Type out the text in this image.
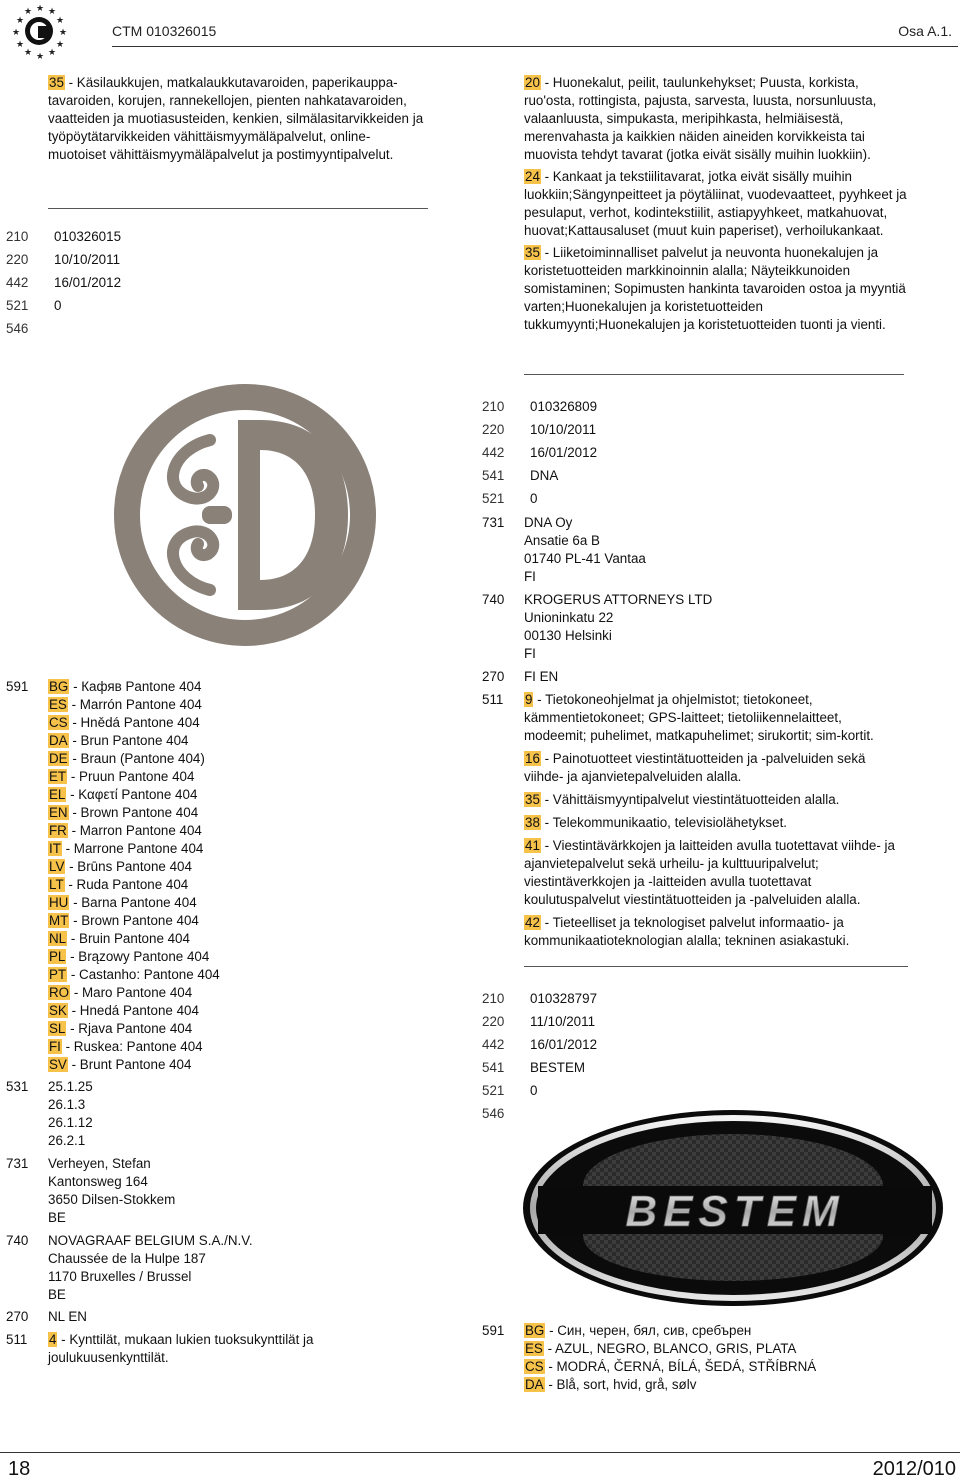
★ ★
★
★
★
★
★
★
★
★
★
★
CTM 010326015	Osa A.1.
35 - Käsilaukkujen, matkalaukkutavaroiden, paperikauppa-tavaroiden, korujen, rannekellojen, pienten nahkatavaroiden, vaatteiden ja muotiasusteiden, kenkien, silmälasitarvikkeiden ja työpöytätarvikkeiden vähittäismyymäläpalvelut, online-muotoiset vähittäismyymäläpalvelut ja postimyyntipalvelut.
210	010326015
220	10/10/2011
442	16/01/2012
521	0
546
20 - Huonekalut, peilit, taulunkehykset; Puusta, korkista, ruo'osta, rottingista, pajusta, sarvesta, luusta, norsunluusta, valaanluusta, simpukasta, meripihkasta, helmiäisestä, merenvahasta ja kaikkien näiden aineiden korvikkeista tai muovista tehdyt tavarat (jotka eivät sisälly muihin luokkiin).
24 - Kankaat ja tekstiilitavarat, jotka eivät sisälly muihin luokkiin;Sängynpeitteet ja pöytäliinat, vuodevaatteet, pyyhkeet ja pesulaput, verhot, kodintekstiilit, astiapyyhkeet, matkahuovat, huovat;Kattausaluset (muut kuin paperiset), verhoilukankaat.
35 - Liiketoiminnalliset palvelut ja neuvonta huonekalujen ja koristetuotteiden markkinoinnin alalla; Näyteikkunoiden somistaminen; Sopimusten hankinta tavaroiden ostoa ja myyntiä varten;Huonekalujen ja koristetuotteiden tukkumyynti;Huonekalujen ja koristetuotteiden tuonti ja vienti.
591	BG - Кафяв Pantone 404
ES - Marrón Pantone 404
CS - Hnědá Pantone 404
DA - Brun Pantone 404
DE - Braun (Pantone 404)
ET - Pruun Pantone 404
EL - Καφετί Pantone 404
EN - Brown Pantone 404
FR - Marron Pantone 404
IT - Marrone Pantone 404
LV - Brūns Pantone 404
LT - Ruda Pantone 404
HU - Barna Pantone 404
MT - Brown Pantone 404
NL - Bruin Pantone 404
PL - Brązowy Pantone 404
PT - Castanho: Pantone 404
RO - Maro Pantone 404
SK - Hnedá Pantone 404
SL - Rjava Pantone 404
FI - Ruskea: Pantone 404
SV - Brunt Pantone 404
531 25.1.25
26.1.3
26.1.12
26.2.1
731 Verheyen, Stefan
Kantonsweg 164
3650 Dilsen-Stokkem
BE
740 NOVAGRAAF BELGIUM S.A./N.V.
Chaussée de la Hulpe 187
1170 Bruxelles / Brussel
BE
270 NL EN
511 4 - Kynttilät, mukaan lukien tuoksukynttilät ja joulukuusenkynttilät.
210	010326809
220	10/10/2011
442	16/01/2012
541	DNA
521	0
731 DNA Oy
Ansatie 6a B
01740 PL-41 Vantaa
FI
740 KROGERUS ATTORNEYS LTD
Unioninkatu 22
00130 Helsinki
FI
270 FI EN
511 9 - Tietokoneohjelmat ja ohjelmistot; tietokoneet, kämmentietokoneet; GPS-laitteet; tietoliikennelaitteet, modeemit; puhelimet, matkapuhelimet; sirukortit; sim-kortit.
16 - Painotuotteet viestintätuotteiden ja -palveluiden sekä viihde- ja ajanvietepalveluiden alalla.
35 - Vähittäismyyntipalvelut viestintätuotteiden alalla.
38 - Telekommunikaatio, televisiolähetykset.
41 - Viestintävärkkojen ja laitteiden avulla tuotettavat viihde- ja ajanvietepalvelut sekä urheilu- ja kulttuuripalvelut; viestintäverkkojen ja -laitteiden avulla tuotettavat koulutuspalvelut viestintätuotteiden ja -palveluiden alalla.
42 - Tieteelliset ja teknologiset palvelut informaatio- ja kommunikaatioteknologian alalla; tekninen asiakastuki.
210	010328797
220	11/10/2011
442	16/01/2012
541	BESTEM
521	0
546
BESTEM
591 BG - Син, черен, бял, сив, сребърен
ES - AZUL, NEGRO, BLANCO, GRIS, PLATA
CS - MODRÁ, ČERNÁ, BÍLÁ, ŠEDÁ, STŘÍBRNÁ
DA - Blå, sort, hvid, grå, sølv
18	2012/010
